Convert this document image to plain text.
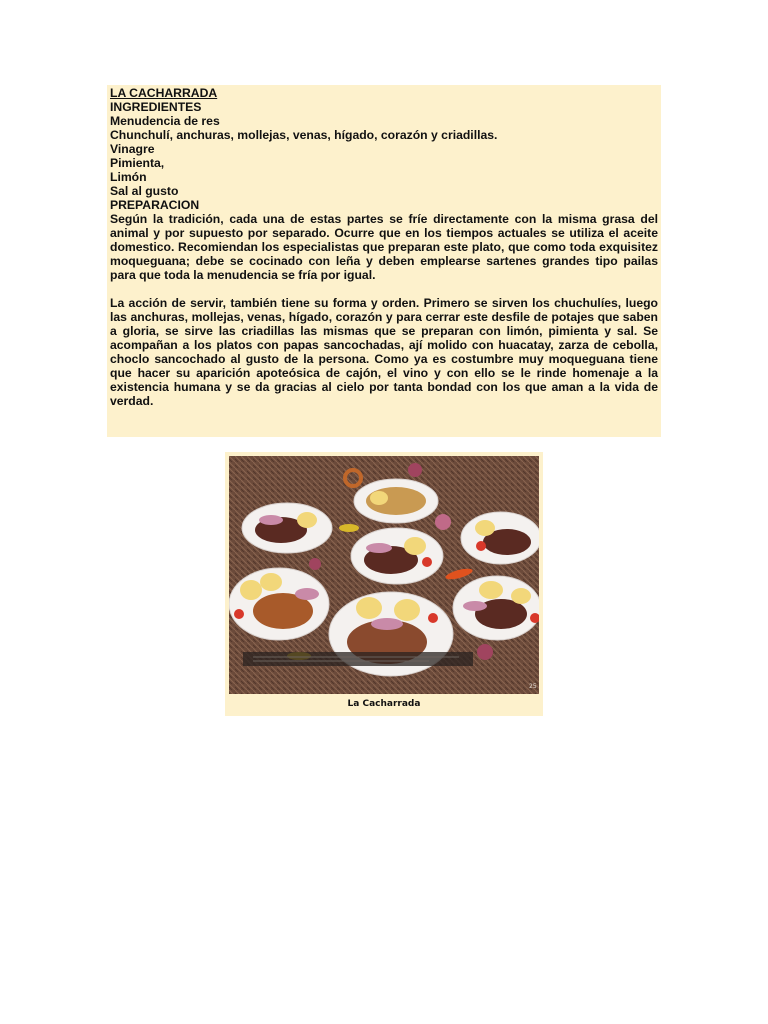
LA CACHARRADA

INGREDIENTES

Menudencia de res

Chunchulí, anchuras, mollejas, venas, hígado, corazón y criadillas.

Vinagre

Pimienta,

Limón

Sal al gusto

PREPARACION

Según la tradición, cada una de estas partes se fríe directamente con la misma grasa del animal y por supuesto por separado. Ocurre que en los tiempos actuales se utiliza el aceite domestico. Recomiendan los especialistas que preparan este plato, que como toda exquisitez moqueguana; debe se cocinado con leña y deben emplearse sartenes grandes tipo pailas para que toda la menudencia se fría por igual.

La acción de servir, también tiene su forma y orden. Primero se sirven los chuchulíes, luego las anchuras, mollejas, venas, hígado, corazón y para cerrar este desfile de potajes que saben a gloria, se sirve las criadillas las mismas que se preparan con limón, pimienta y sal. Se acompañan a los platos con papas sancochadas, ají molido con huacatay, zarza de cebolla, choclo sancochado al gusto de la persona. Como ya es costumbre muy moqueguana tiene que hacer su aparición apoteósica de cajón, el vino y con ello se le rinde homenaje a la existencia humana y se da gracias al cielo por tanta bondad con los que aman a la vida de verdad.

25
La Cacharrada
